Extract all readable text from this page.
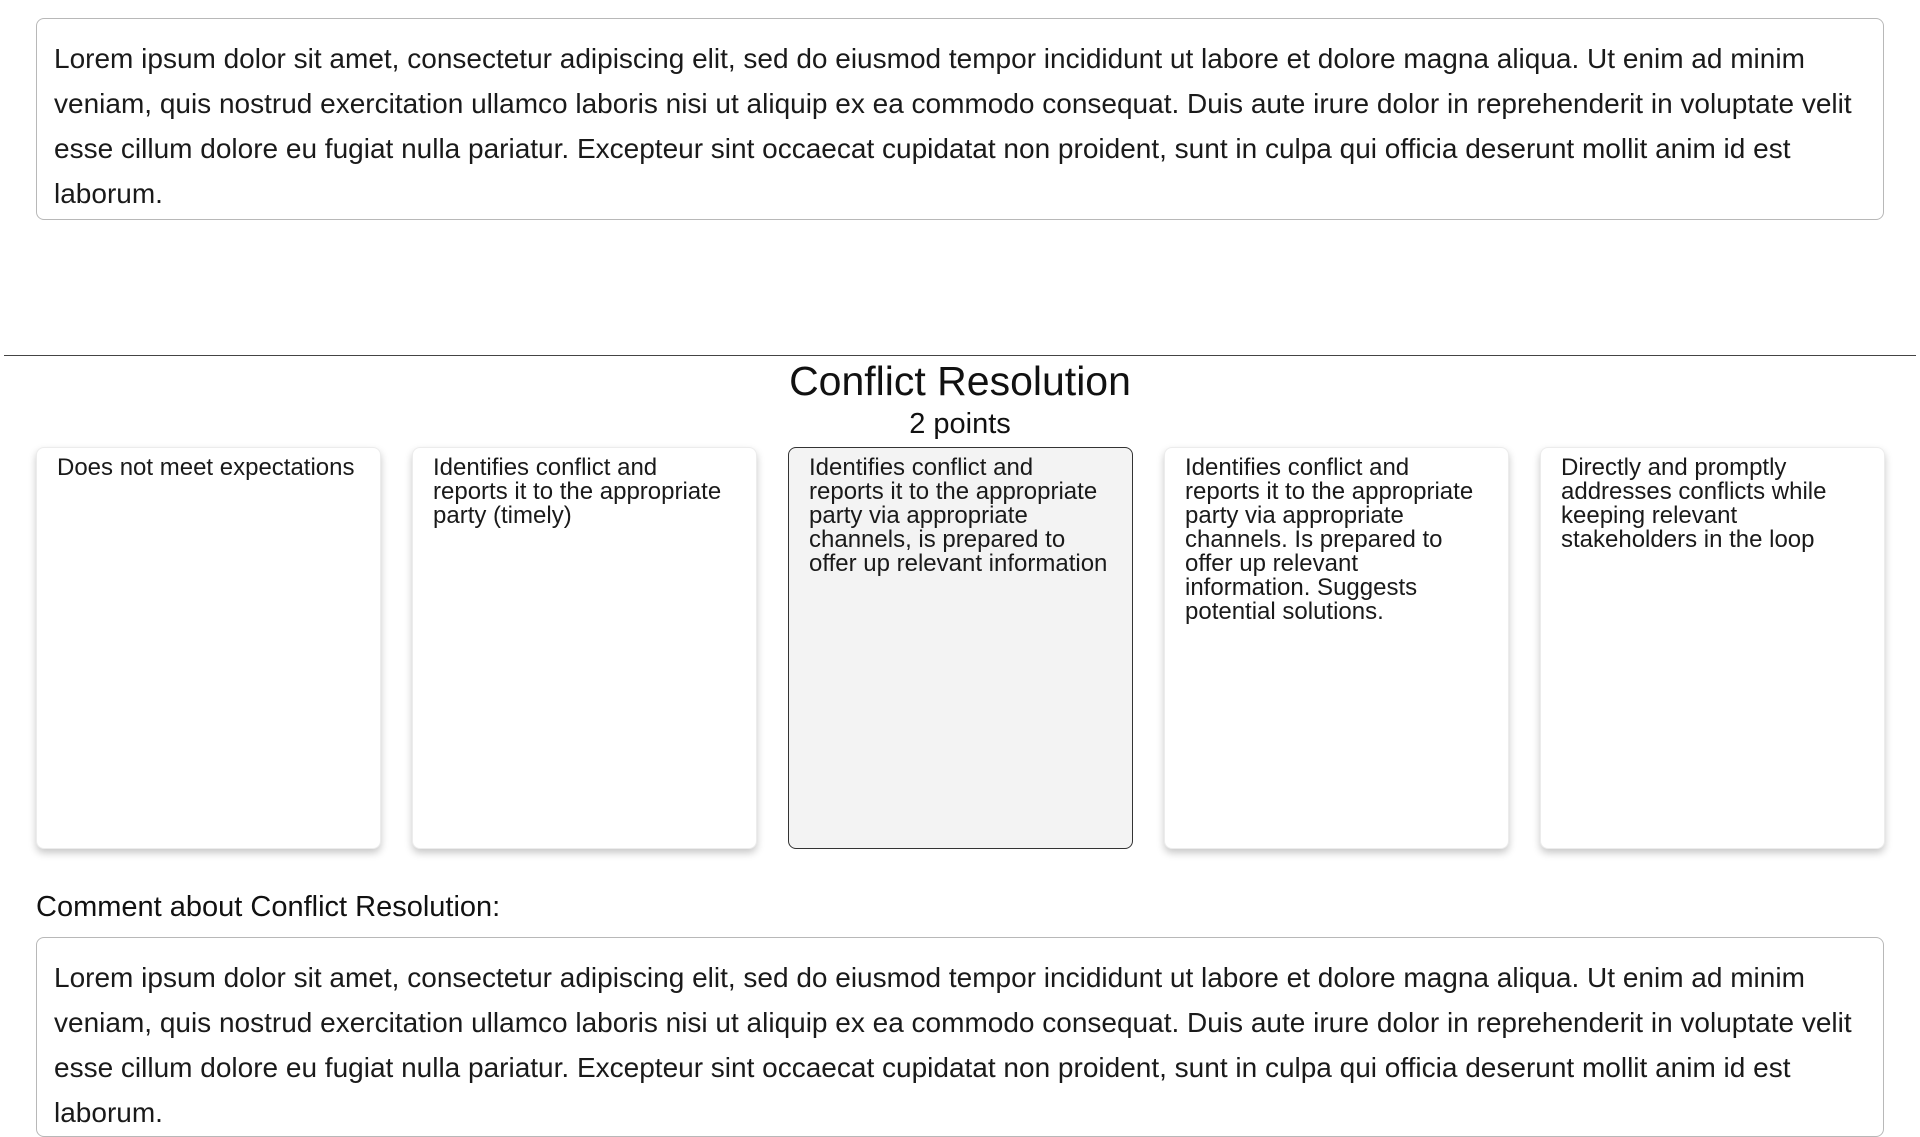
Lorem ipsum dolor sit amet, consectetur adipiscing elit, sed do eiusmod tempor incididunt ut labore et dolore magna aliqua. Ut enim ad minim veniam, quis nostrud exercitation ullamco laboris nisi ut aliquip ex ea commodo consequat. Duis aute irure dolor in reprehenderit in voluptate velit esse cillum dolore eu fugiat nulla pariatur. Excepteur sint occaecat cupidatat non proident, sunt in culpa qui officia deserunt mollit anim id est laborum.
Conflict Resolution
2 points
Does not meet expectations	Identifies conflict and reports it to the appropriate party (timely)
Identifies conflict and reports it to the appropriate party via appropriate channels, is prepared to offer up relevant information
Identifies conflict and reports it to the appropriate party via appropriate channels. Is prepared to offer up relevant information. Suggests potential solutions.
Directly and promptly addresses conflicts while keeping relevant stakeholders in the loop
Comment about Conflict Resolution:
Lorem ipsum dolor sit amet, consectetur adipiscing elit, sed do eiusmod tempor incididunt ut labore et dolore magna aliqua. Ut enim ad minim veniam, quis nostrud exercitation ullamco laboris nisi ut aliquip ex ea commodo consequat. Duis aute irure dolor in reprehenderit in voluptate velit esse cillum dolore eu fugiat nulla pariatur. Excepteur sint occaecat cupidatat non proident, sunt in culpa qui officia deserunt mollit anim id est laborum.
